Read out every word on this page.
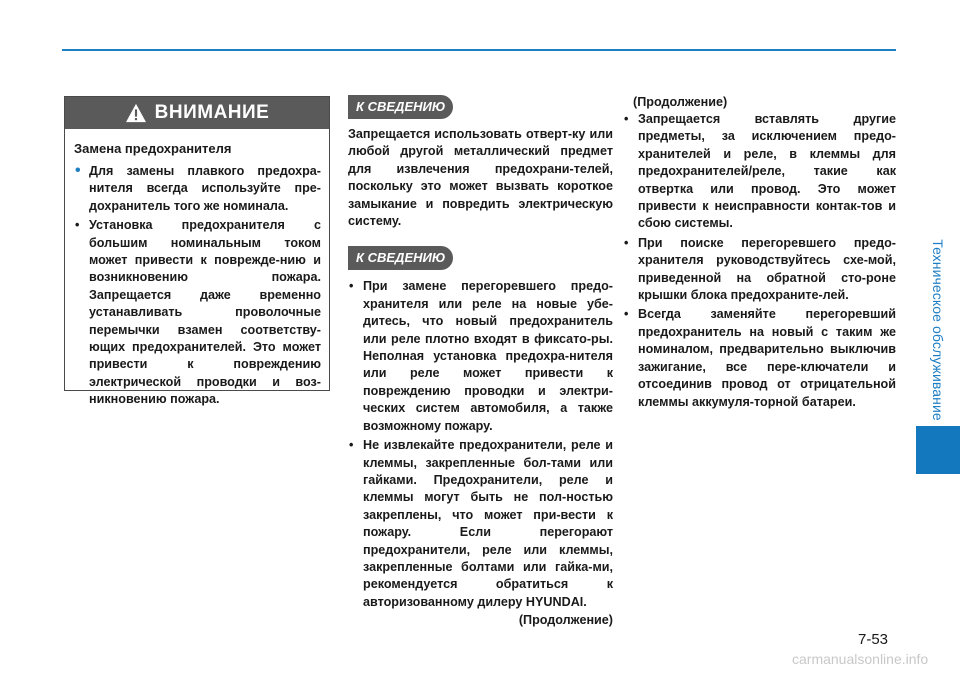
Техническое обслуживание
ВНИМАНИЕ
Замена предохранителя
• Для замены плавкого предохра-нителя всегда используйте пре-дохранитель того же номинала.
• Установка предохранителя с большим номинальным током может привести к поврежде-нию и возникновению пожара. Запрещается даже временно устанавливать проволочные перемычки взамен соответству-ющих предохранителей. Это может привести к повреждению электрической проводки и воз-никновению пожара.
К СВЕДЕНИЮ

Запрещается использовать отверт-ку или любой другой металлический предмет для извлечения предохрани-телей, поскольку это может вызвать короткое замыкание и повредить электрическую систему.

К СВЕДЕНИЮ
• При замене перегоревшего предо-хранителя или реле на новые убе-дитесь, что новый предохранитель или реле плотно входят в фиксато-ры. Неполная установка предохра-нителя или реле может привести к повреждению проводки и электри-ческих систем автомобиля, а также возможному пожару.
• Не извлекайте предохранители, реле и клеммы, закрепленные бол-тами или гайками. Предохранители, реле и клеммы могут быть не пол-ностью закреплены, что может при-вести к пожару. Если перегорают предохранители, реле или клеммы, закрепленные болтами или гайка-ми, рекомендуется обратиться к авторизованному дилеру HYUNDAI.
(Продолжение)
(Продолжение)
• Запрещается вставлять другие предметы, за исключением предо-хранителей и реле, в клеммы для предохранителей/реле, такие как отвертка или провод. Это может привести к неисправности контак-тов и сбою системы.
• При поиске перегоревшего предо-хранителя руководствуйтесь схе-мой, приведенной на обратной сто-роне крышки блока предохраните-лей.
• Всегда заменяйте перегоревший предохранитель на новый с таким же номиналом, предварительно выключив зажигание, все пере-ключатели и отсоединив провод от отрицательной клеммы аккумуля-торной батареи.
7-53
carmanualsonline.info
